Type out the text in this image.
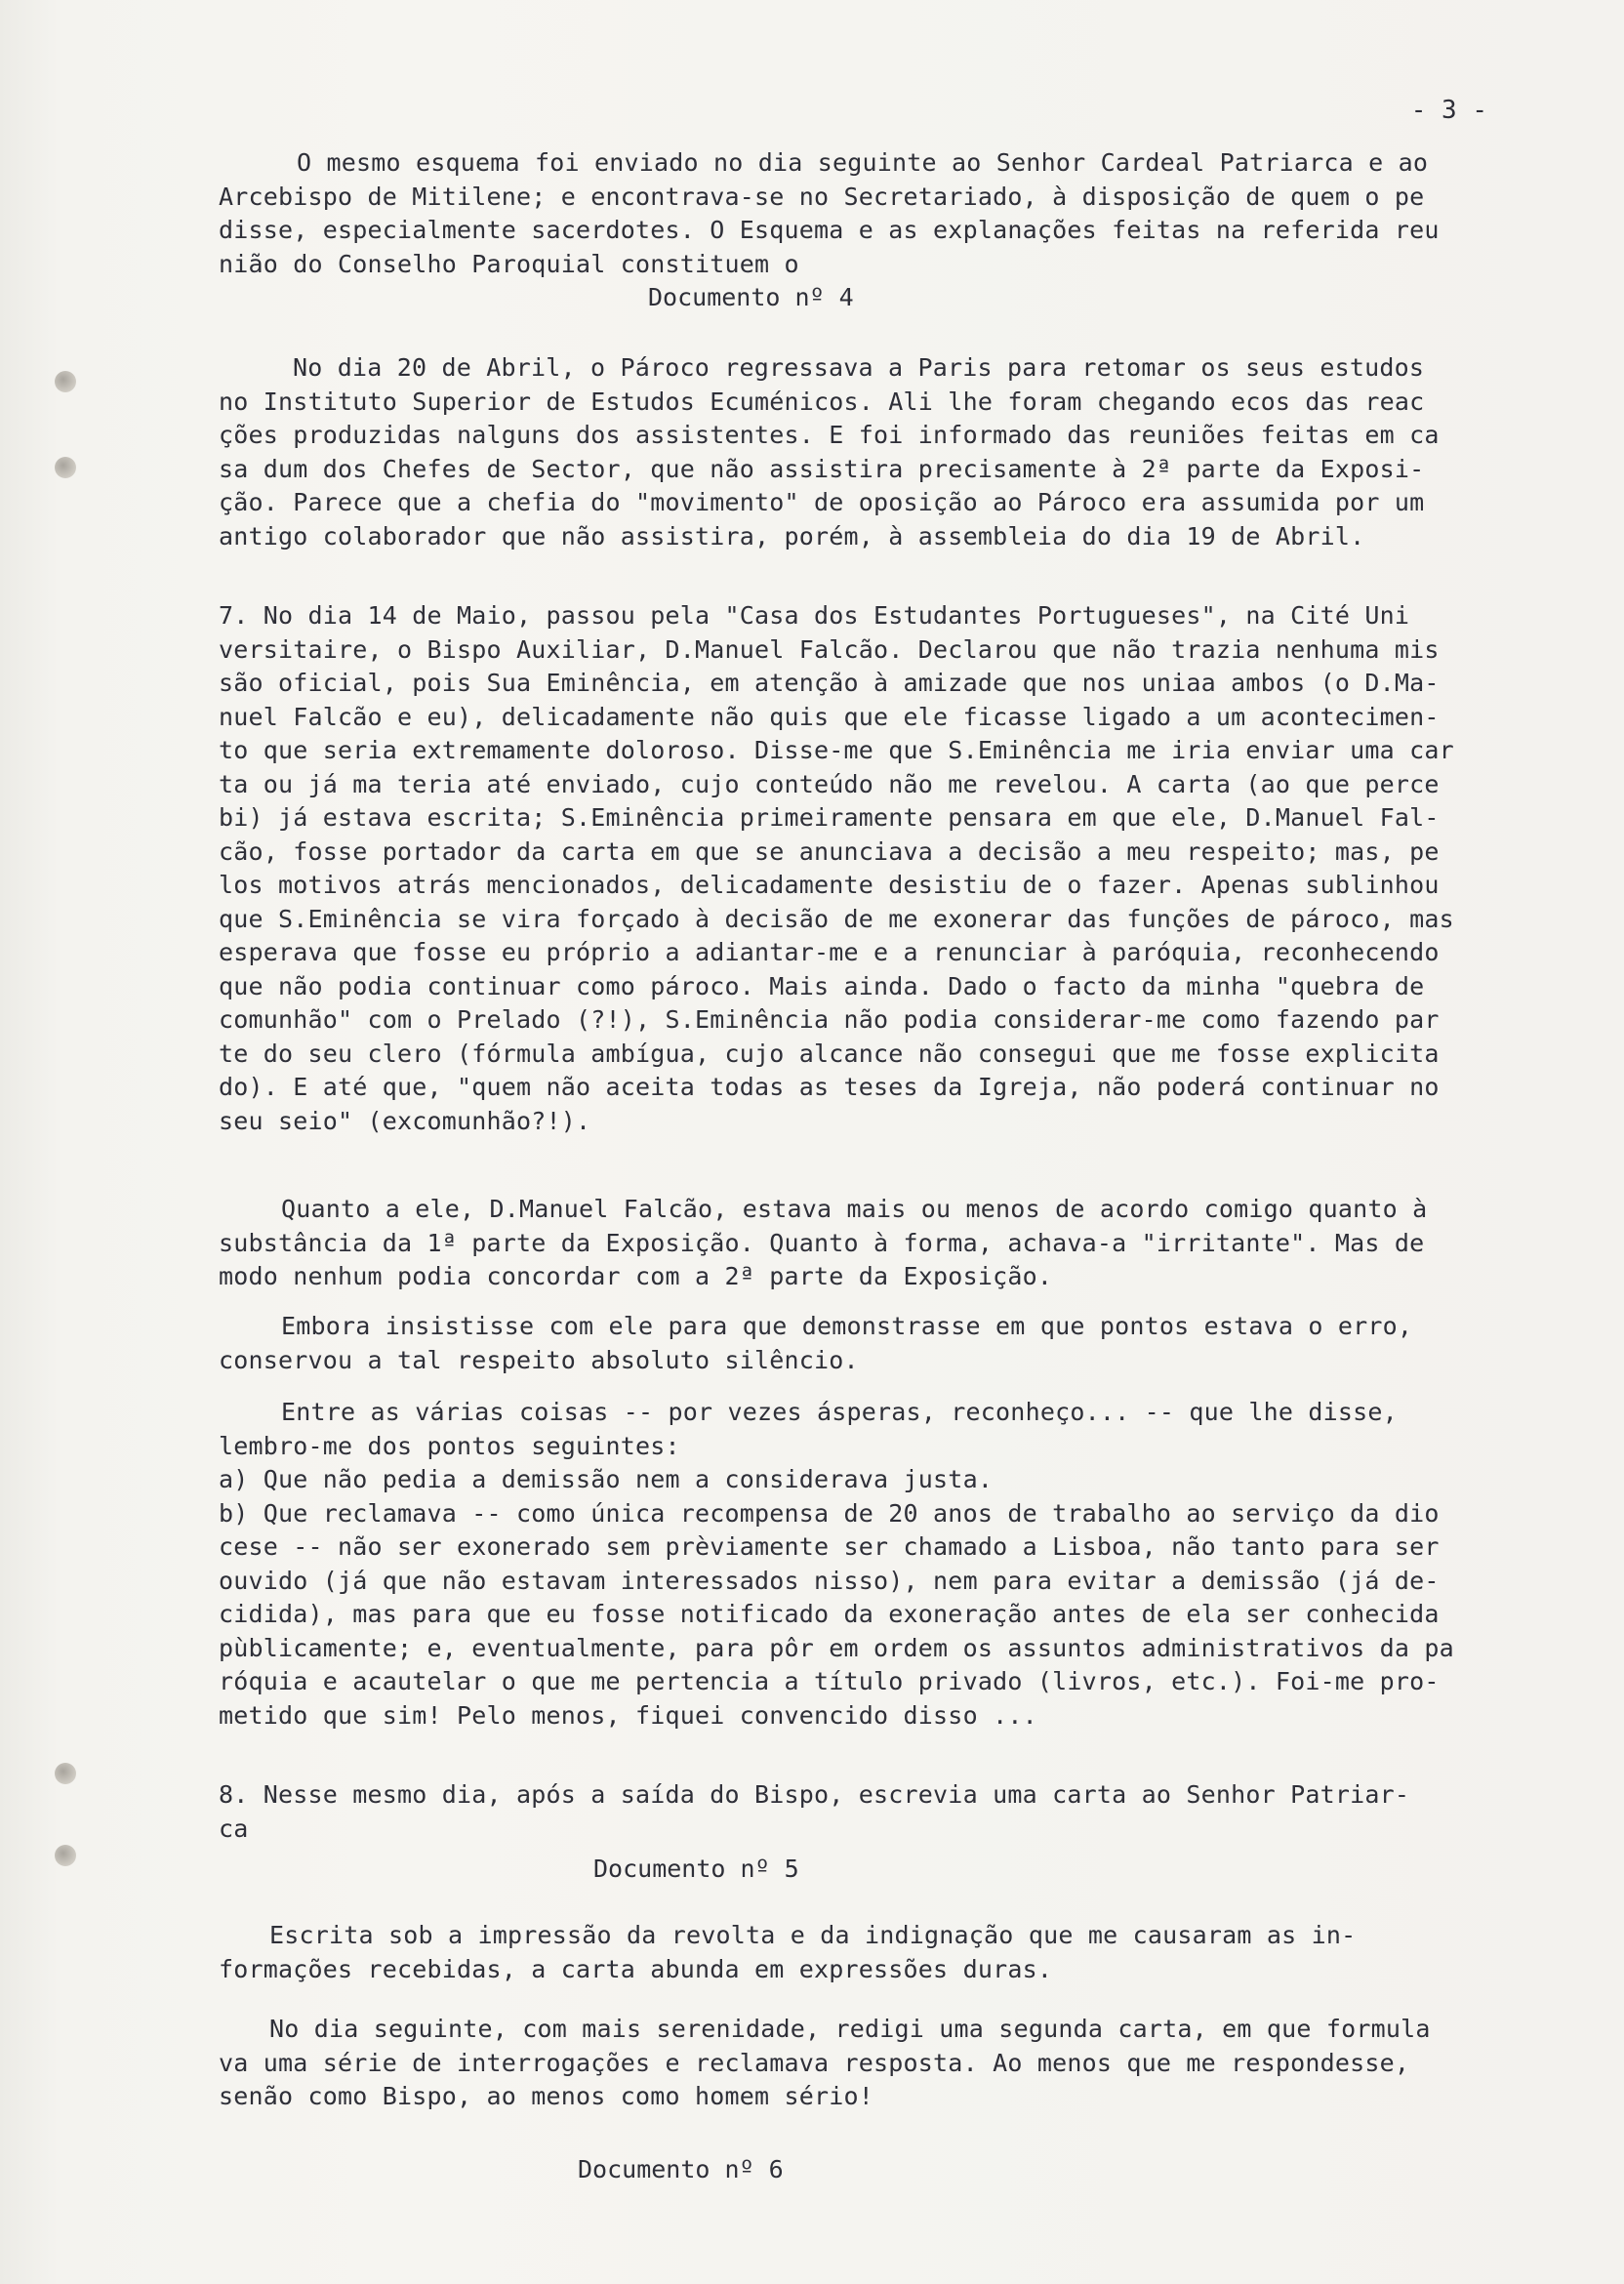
- 3 -
O mesmo esquema foi enviado no dia seguinte ao Senhor Cardeal Patriarca e ao
Arcebispo de Mitilene; e encontrava-se no Secretariado, à disposição de quem o pe
disse, especialmente sacerdotes. O Esquema e as explanações feitas na referida reu
nião do Conselho Paroquial constituem o
Documento nº 4
No dia 20 de Abril, o Pároco regressava a Paris para retomar os seus estudos
no Instituto Superior de Estudos Ecuménicos. Ali lhe foram chegando ecos das reac
ções produzidas nalguns dos assistentes. E foi informado das reuniões feitas em ca
sa dum dos Chefes de Sector, que não assistira precisamente à 2ª parte da Exposi-
ção. Parece que a chefia do "movimento" de oposição ao Pároco era assumida por um
antigo colaborador que não assistira, porém, à assembleia do dia 19 de Abril.
7. No dia 14 de Maio, passou pela "Casa dos Estudantes Portugueses", na Cité Uni
versitaire, o Bispo Auxiliar, D.Manuel Falcão. Declarou que não trazia nenhuma mis
são oficial, pois Sua Eminência, em atenção à amizade que nos uniaa ambos (o D.Ma-
nuel Falcão e eu), delicadamente não quis que ele ficasse ligado a um acontecimen-
to que seria extremamente doloroso. Disse-me que S.Eminência me iria enviar uma car
ta ou já ma teria até enviado, cujo conteúdo não me revelou. A carta (ao que perce
bi) já estava escrita; S.Eminência primeiramente pensara em que ele, D.Manuel Fal-
cão, fosse portador da carta em que se anunciava a decisão a meu respeito; mas, pe
los motivos atrás mencionados, delicadamente desistiu de o fazer. Apenas sublinhou
que S.Eminência se vira forçado à decisão de me exonerar das funções de pároco, mas
esperava que fosse eu próprio a adiantar-me e a renunciar à paróquia, reconhecendo
que não podia continuar como pároco. Mais ainda. Dado o facto da minha "quebra de
comunhão" com o Prelado (?!), S.Eminência não podia considerar-me como fazendo par
te do seu clero (fórmula ambígua, cujo alcance não consegui que me fosse explicita
do). E até que, "quem não aceita todas as teses da Igreja, não poderá continuar no
seu seio" (excomunhão?!).
Quanto a ele, D.Manuel Falcão, estava mais ou menos de acordo comigo quanto à
substância da 1ª parte da Exposição. Quanto à forma, achava-a "irritante". Mas de
modo nenhum podia concordar com a 2ª parte da Exposição.
Embora insistisse com ele para que demonstrasse em que pontos estava o erro,
conservou a tal respeito absoluto silêncio.
Entre as várias coisas -- por vezes ásperas, reconheço... -- que lhe disse,
lembro-me dos pontos seguintes:
a) Que não pedia a demissão nem a considerava justa.
b) Que reclamava -- como única recompensa de 20 anos de trabalho ao serviço da dio
cese -- não ser exonerado sem prèviamente ser chamado a Lisboa, não tanto para ser
ouvido (já que não estavam interessados nisso), nem para evitar a demissão (já de-
cidida), mas para que eu fosse notificado da exoneração antes de ela ser conhecida
pùblicamente; e, eventualmente, para pôr em ordem os assuntos administrativos da pa
róquia e acautelar o que me pertencia a título privado (livros, etc.). Foi-me pro-
metido que sim! Pelo menos, fiquei convencido disso ...
8. Nesse mesmo dia, após a saída do Bispo, escrevia uma carta ao Senhor Patriar-
ca
Documento nº 5
Escrita sob a impressão da revolta e da indignação que me causaram as in-
formações recebidas, a carta abunda em expressões duras.
No dia seguinte, com mais serenidade, redigi uma segunda carta, em que formula
va uma série de interrogações e reclamava resposta. Ao menos que me respondesse,
senão como Bispo, ao menos como homem sério!
Documento nº 6
